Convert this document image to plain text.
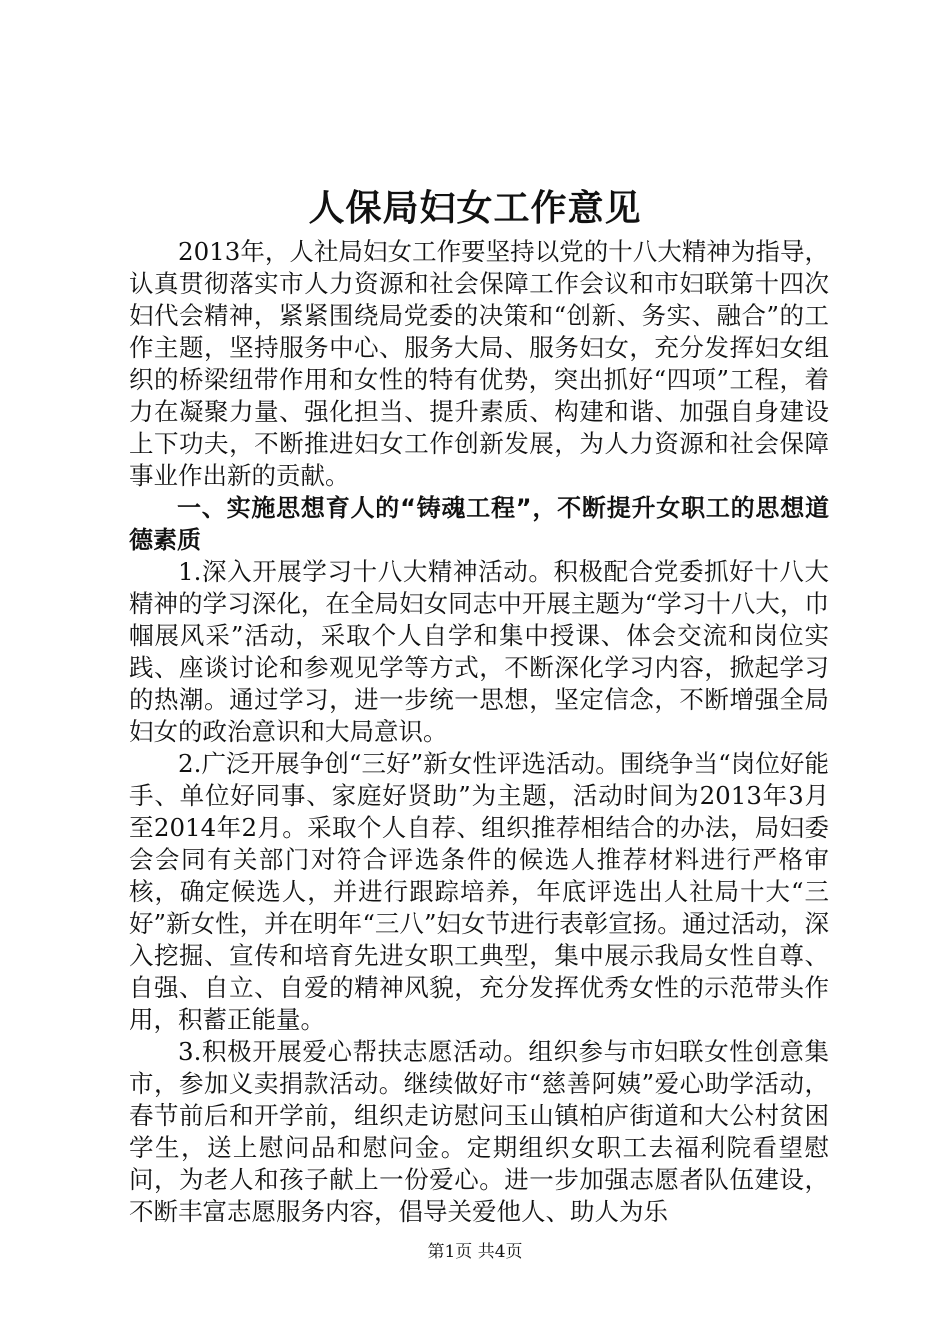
人保局妇女工作意见

2013年，人社局妇女工作要坚持以党的十八大精神为指导，认真贯彻落实市人力资源和社会保障工作会议和市妇联第十四次妇代会精神，紧紧围绕局党委的决策和“创新、务实、融合”的工作主题，坚持服务中心、服务大局、服务妇女，充分发挥妇女组织的桥梁纽带作用和女性的特有优势，突出抓好“四项”工程，着力在凝聚力量、强化担当、提升素质、构建和谐、加强自身建设上下功夫，不断推进妇女工作创新发展，为人力资源和社会保障事业作出新的贡献。

一、实施思想育人的“铸魂工程”，不断提升女职工的思想道德素质

1.深入开展学习十八大精神活动。积极配合党委抓好十八大精神的学习深化，在全局妇女同志中开展主题为“学习十八大，巾帼展风采”活动，采取个人自学和集中授课、体会交流和岗位实践、座谈讨论和参观见学等方式，不断深化学习内容，掀起学习的热潮。通过学习，进一步统一思想，坚定信念，不断增强全局妇女的政治意识和大局意识。

2.广泛开展争创“三好”新女性评选活动。围绕争当“岗位好能手、单位好同事、家庭好贤助”为主题，活动时间为2013年3月至2014年2月。采取个人自荐、组织推荐相结合的办法，局妇委会会同有关部门对符合评选条件的候选人推荐材料进行严格审核，确定候选人，并进行跟踪培养，年底评选出人社局十大“三好”新女性，并在明年“三八”妇女节进行表彰宣扬。通过活动，深入挖掘、宣传和培育先进女职工典型，集中展示我局女性自尊、自强、自立、自爱的精神风貌，充分发挥优秀女性的示范带头作用，积蓄正能量。

3.积极开展爱心帮扶志愿活动。组织参与市妇联女性创意集市，参加义卖捐款活动。继续做好市“慈善阿姨”爱心助学活动，春节前后和开学前，组织走访慰问玉山镇柏庐街道和大公村贫困学生，送上慰问品和慰问金。定期组织女职工去福利院看望慰问，为老人和孩子献上一份爱心。进一步加强志愿者队伍建设，不断丰富志愿服务内容，倡导关爱他人、助人为乐

第1页 共4页
